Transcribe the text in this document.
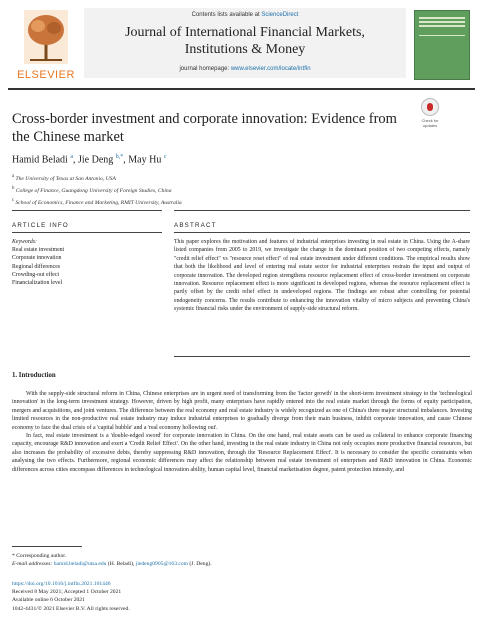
ELSEVIER
Contents lists available at ScienceDirect
Journal of International Financial Markets,
Institutions & Money
journal homepage: www.elsevier.com/locate/intfin
Check for
updates
Cross-border investment and corporate innovation: Evidence from the Chinese market
Hamid Beladi $^a$, Jie Deng $^{b,*}$, May Hu $^c$
$^a$ The University of Texas at San Antonio, USA
$^b$ College of Finance, Guangdong University of Foreign Studies, China
$^c$ School of Economics, Finance and Marketing, RMIT University, Australia
ARTICLE INFO	ABSTRACT
Keywords:
Real estate investment
Corporate innovation
Regional differences
Crowding-out effect
Financialization level
This paper explores the motivation and features of industrial enterprises investing in real estate in China. Using the A-share listed companies from 2005 to 2019, we investigate the change in the dominant position of two competing effects, namely "credit relief effect" vs "resource reset effect" of real estate investment under different conditions. The empirical results show that both the likelihood and level of entering real estate sector for industrial enterprises restrain the input and output of corporate innovation. The developed region strengthens resource replacement effect of cross-border investment on corporate innovation. Resource replacement effect is more significant in developed regions, whereas the resource replacement effect is partly offset by the credit relief effect in undeveloped regions. The findings are robust after controlling for potential endogeneity concerns. The results contribute to enhancing the innovation vitality of micro subjects and preventing China's systemic financial risks under the environment of supply-side structural reform.
1. Introduction

With the supply-side structural reform in China, Chinese enterprises are in urgent need of transforming from the 'factor growth' in the short-term investment strategy to the 'technological innovation' in the long-term investment strategy. However, driven by high profit, many enterprises have rapidly entered into the real estate market through the forms of equity participation, mergers and acquisitions, and joint ventures. The difference between the real economy and real estate industry is widely recognized as one of China's three major structural imbalances. Investing limited resources in the non-productive real estate industry may induce industrial enterprises to gradually diverge from their main business, inhibit corporate innovation, and cause Chinese economy to face the dual crisis of a 'capital bubble' and a 'real economy hollowing out'.

In fact, real estate investment is a 'double-edged sword' for corporate innovation in China. On the one hand, real estate assets can be used as collateral to enhance corporate financing capacity, encourage R&D innovation and exert a 'Credit Relief Effect'. On the other hand, investing in the real estate industry in China not only occupies more productive financial resources, but also increases the probability of excessive debts, thereby suppressing R&D innovation, through the 'Resource Replacement Effect'. It is necessary to consider the specific constraints when analysing the two effects. Furthermore, regional economic differences may affect the relationship between real estate investment of enterprises and R&D innovation in China. Economic differences across cities encompass differences in technological innovation ability, human capital level, financial marketisation degree, patent protection intensity, and

* Corresponding author.
E-mail addresses: hamid.beladi@utsa.edu (H. Beladi), jiedeng0905@163.com (J. Deng).
https://doi.org/10.1016/j.intfin.2021.101446
Received 8 May 2021; Accepted 1 October 2021
Available online 6 October 2021
1042-4431/© 2021 Elsevier B.V. All rights reserved.
